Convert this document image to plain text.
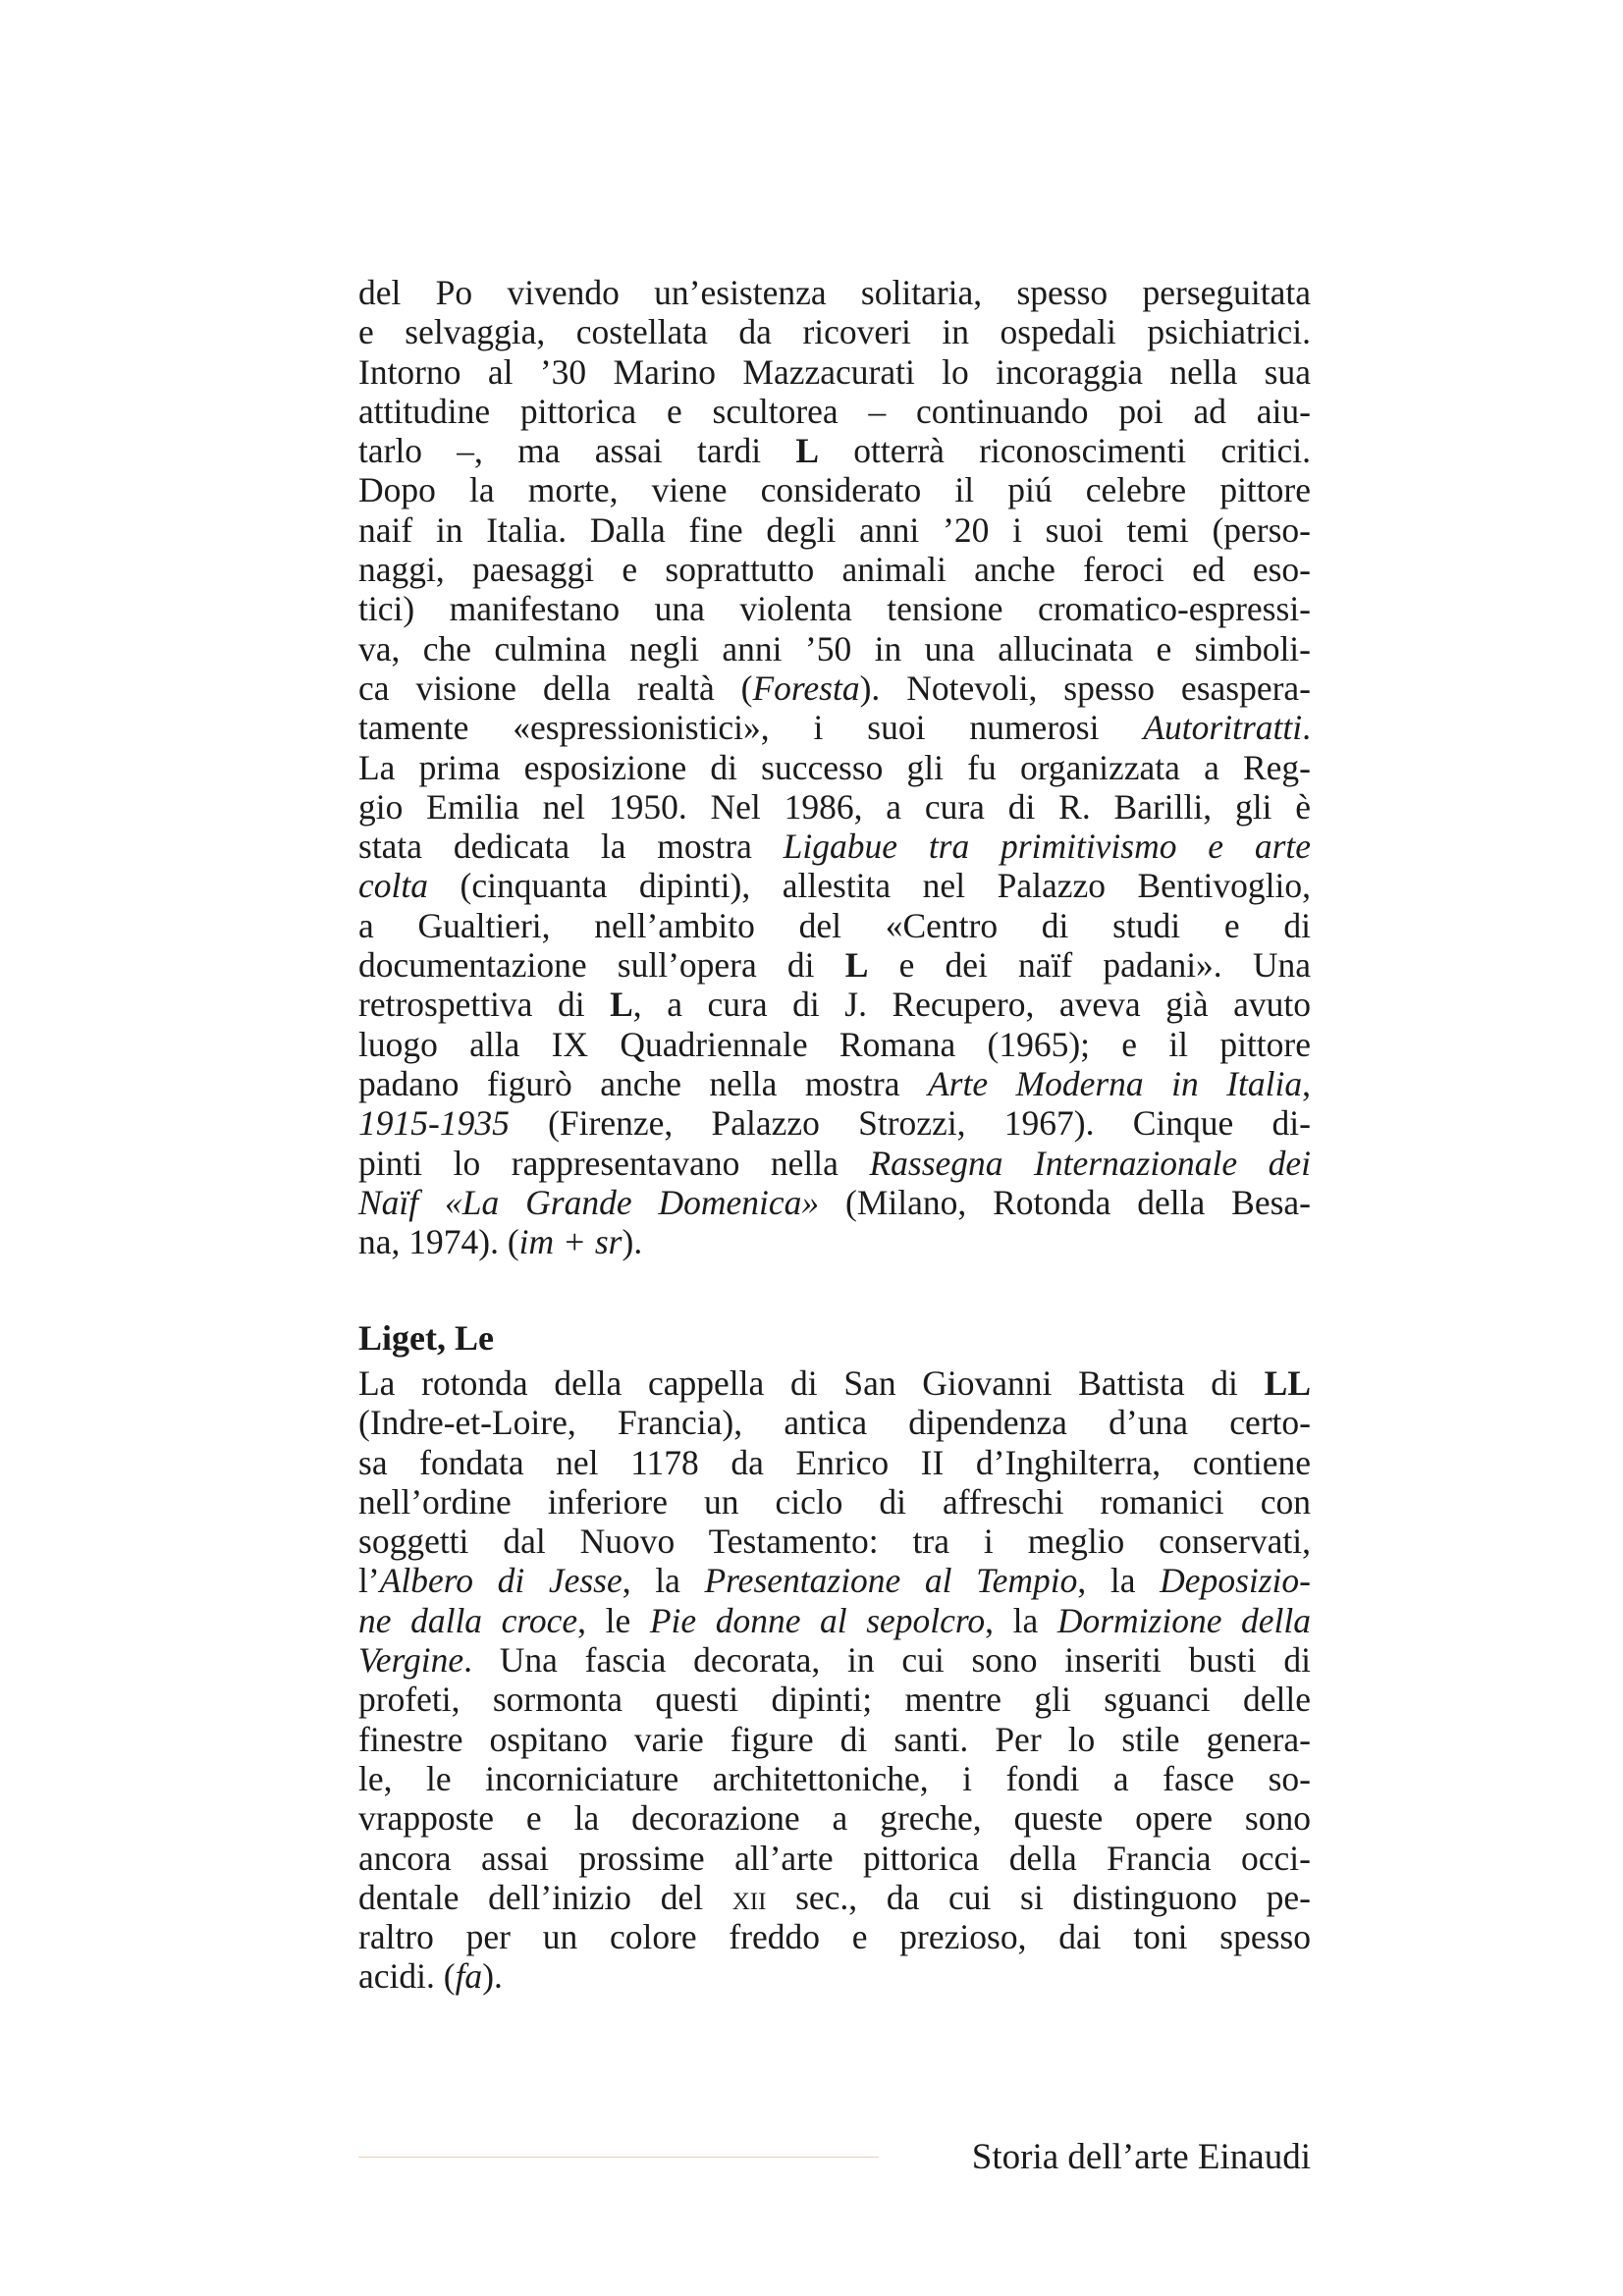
del Po vivendo un’esistenza solitaria, spesso perseguitata
e selvaggia, costellata da ricoveri in ospedali psichiatrici.
Intorno al ’30 Marino Mazzacurati lo incoraggia nella sua
attitudine pittorica e scultorea – continuando poi ad aiu-
tarlo –, ma assai tardi L otterrà riconoscimenti critici.
Dopo la morte, viene considerato il piú celebre pittore
naif in Italia. Dalla fine degli anni ’20 i suoi temi (perso-
naggi, paesaggi e soprattutto animali anche feroci ed eso-
tici) manifestano una violenta tensione cromatico-espressi-
va, che culmina negli anni ’50 in una allucinata e simboli-
ca visione della realtà (Foresta). Notevoli, spesso esaspera-
tamente «espressionistici», i suoi numerosi Autoritratti.
La prima esposizione di successo gli fu organizzata a Reg-
gio Emilia nel 1950. Nel 1986, a cura di R. Barilli, gli è
stata dedicata la mostra Ligabue tra primitivismo e arte
colta (cinquanta dipinti), allestita nel Palazzo Bentivoglio,
a Gualtieri, nell’ambito del «Centro di studi e di
documentazione sull’opera di L e dei naïf padani». Una
retrospettiva di L, a cura di J. Recupero, aveva già avuto
luogo alla IX Quadriennale Romana (1965); e il pittore
padano figurò anche nella mostra Arte Moderna in Italia,
1915-1935 (Firenze, Palazzo Strozzi, 1967). Cinque di-
pinti lo rappresentavano nella Rassegna Internazionale dei
Naïf «La Grande Domenica» (Milano, Rotonda della Besa-
na, 1974). (im + sr).
Liget, Le
La rotonda della cappella di San Giovanni Battista di LL
(Indre-et-Loire, Francia), antica dipendenza d’una certo-
sa fondata nel 1178 da Enrico II d’Inghilterra, contiene
nell’ordine inferiore un ciclo di affreschi romanici con
soggetti dal Nuovo Testamento: tra i meglio conservati,
l’Albero di Jesse, la Presentazione al Tempio, la Deposizio-
ne dalla croce, le Pie donne al sepolcro, la Dormizione della
Vergine. Una fascia decorata, in cui sono inseriti busti di
profeti, sormonta questi dipinti; mentre gli sguanci delle
finestre ospitano varie figure di santi. Per lo stile genera-
le, le incorniciature architettoniche, i fondi a fasce so-
vrapposte e la decorazione a greche, queste opere sono
ancora assai prossime all’arte pittorica della Francia occi-
dentale dell’inizio del xii sec., da cui si distinguono pe-
raltro per un colore freddo e prezioso, dai toni spesso
acidi. (fa).
Storia dell’arte Einaudi
